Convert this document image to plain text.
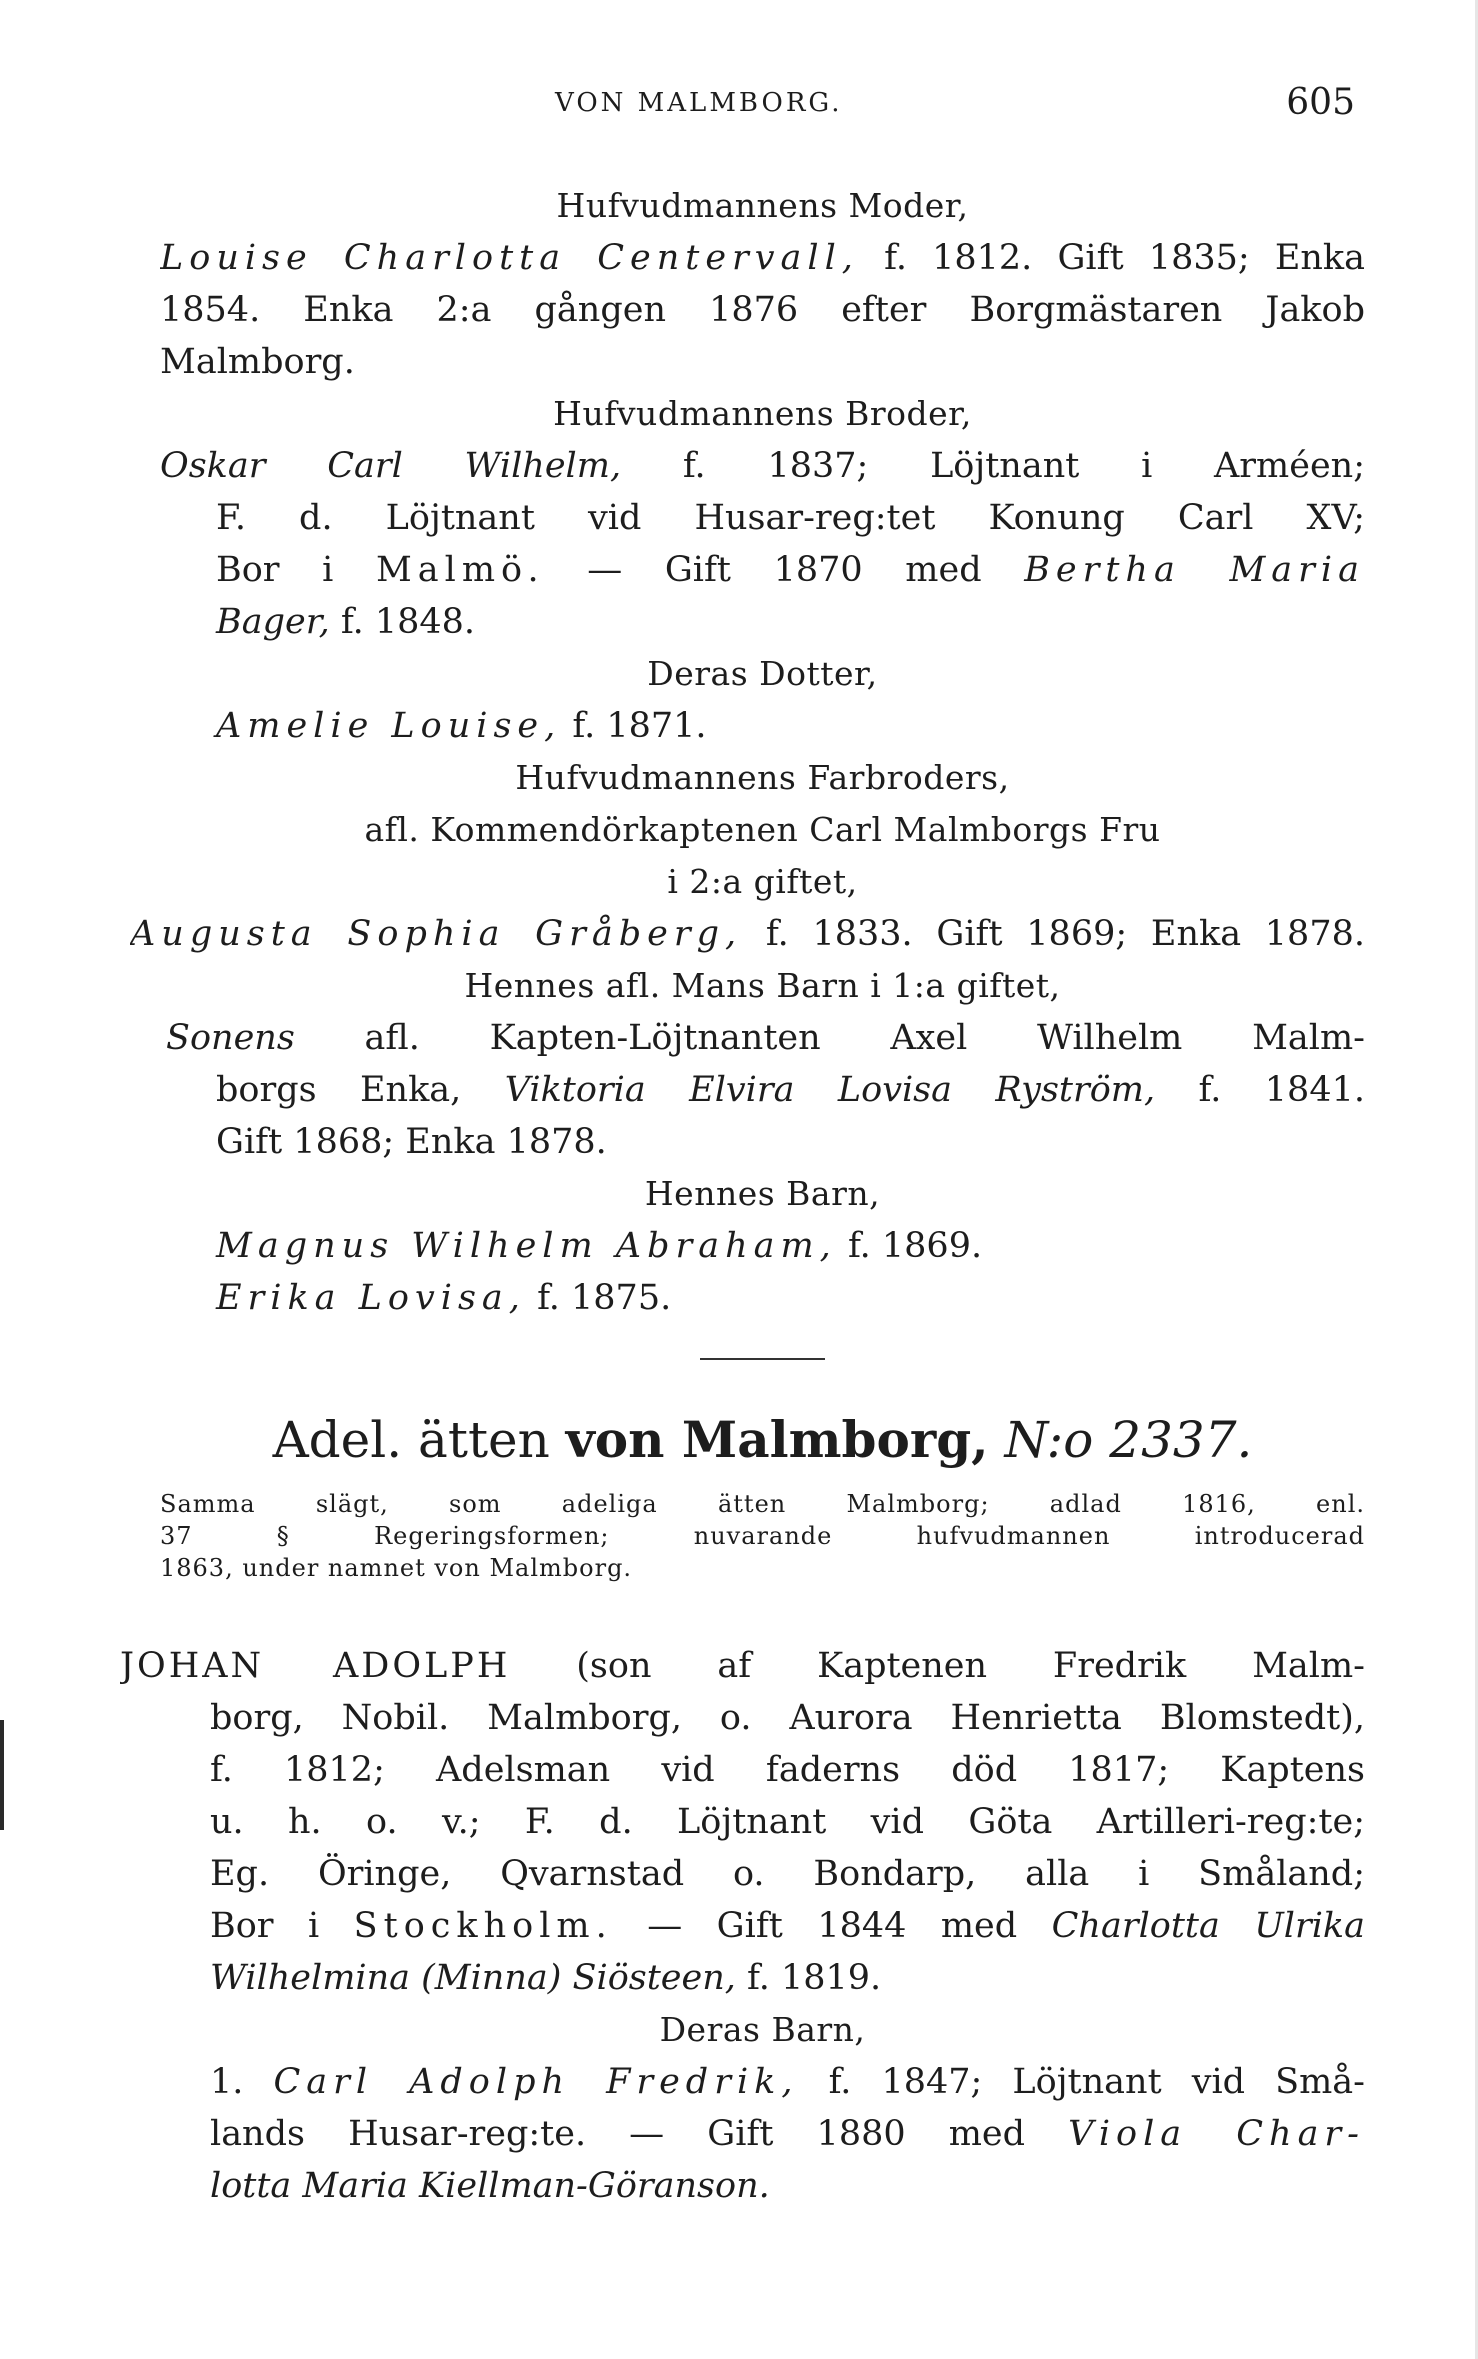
VON MALMBORG.	605
Hufvudmannens Moder,
Louise Charlotta Centervall, f. 1812. Gift 1835; Enka
1854. Enka 2:a gången 1876 efter Borgmästaren Jakob
Malmborg.
Hufvudmannens Broder,
Oskar Carl Wilhelm, f. 1837; Löjtnant i Arméen;
F. d. Löjtnant vid Husar-reg:tet Konung Carl XV;
Bor i Malmö. — Gift 1870 med Bertha Maria
Bager, f. 1848.
Deras Dotter,
Amelie Louise, f. 1871.
Hufvudmannens Farbroders,
afl. Kommendörkaptenen Carl Malmborgs Fru
i 2:a giftet,
Augusta Sophia Gråberg, f. 1833. Gift 1869; Enka 1878.
Hennes afl. Mans Barn i 1:a giftet,
Sonens afl. Kapten-Löjtnanten Axel Wilhelm Malm-
borgs Enka, Viktoria Elvira Lovisa Ryström, f. 1841.
Gift 1868; Enka 1878.
Hennes Barn,
Magnus Wilhelm Abraham, f. 1869.
Erika Lovisa, f. 1875.
Adel. ätten von Malmborg, N:o 2337.
Samma slägt, som adeliga ätten Malmborg; adlad 1816, enl.
37 § Regeringsformen; nuvarande hufvudmannen introducerad
1863, under namnet von Malmborg.
JOHAN ADOLPH (son af Kaptenen Fredrik Malm-
borg, Nobil. Malmborg, o. Aurora Henrietta Blomstedt),
f. 1812; Adelsman vid faderns död 1817; Kaptens
u. h. o. v.; F. d. Löjtnant vid Göta Artilleri-reg:te;
Eg. Öringe, Qvarnstad o. Bondarp, alla i Småland;
Bor i Stockholm. — Gift 1844 med Charlotta Ulrika
Wilhelmina (Minna) Siösteen, f. 1819.
Deras Barn,
1. Carl Adolph Fredrik, f. 1847; Löjtnant vid Små-
lands Husar-reg:te. — Gift 1880 med Viola Char-
lotta Maria Kiellman-Göranson.
